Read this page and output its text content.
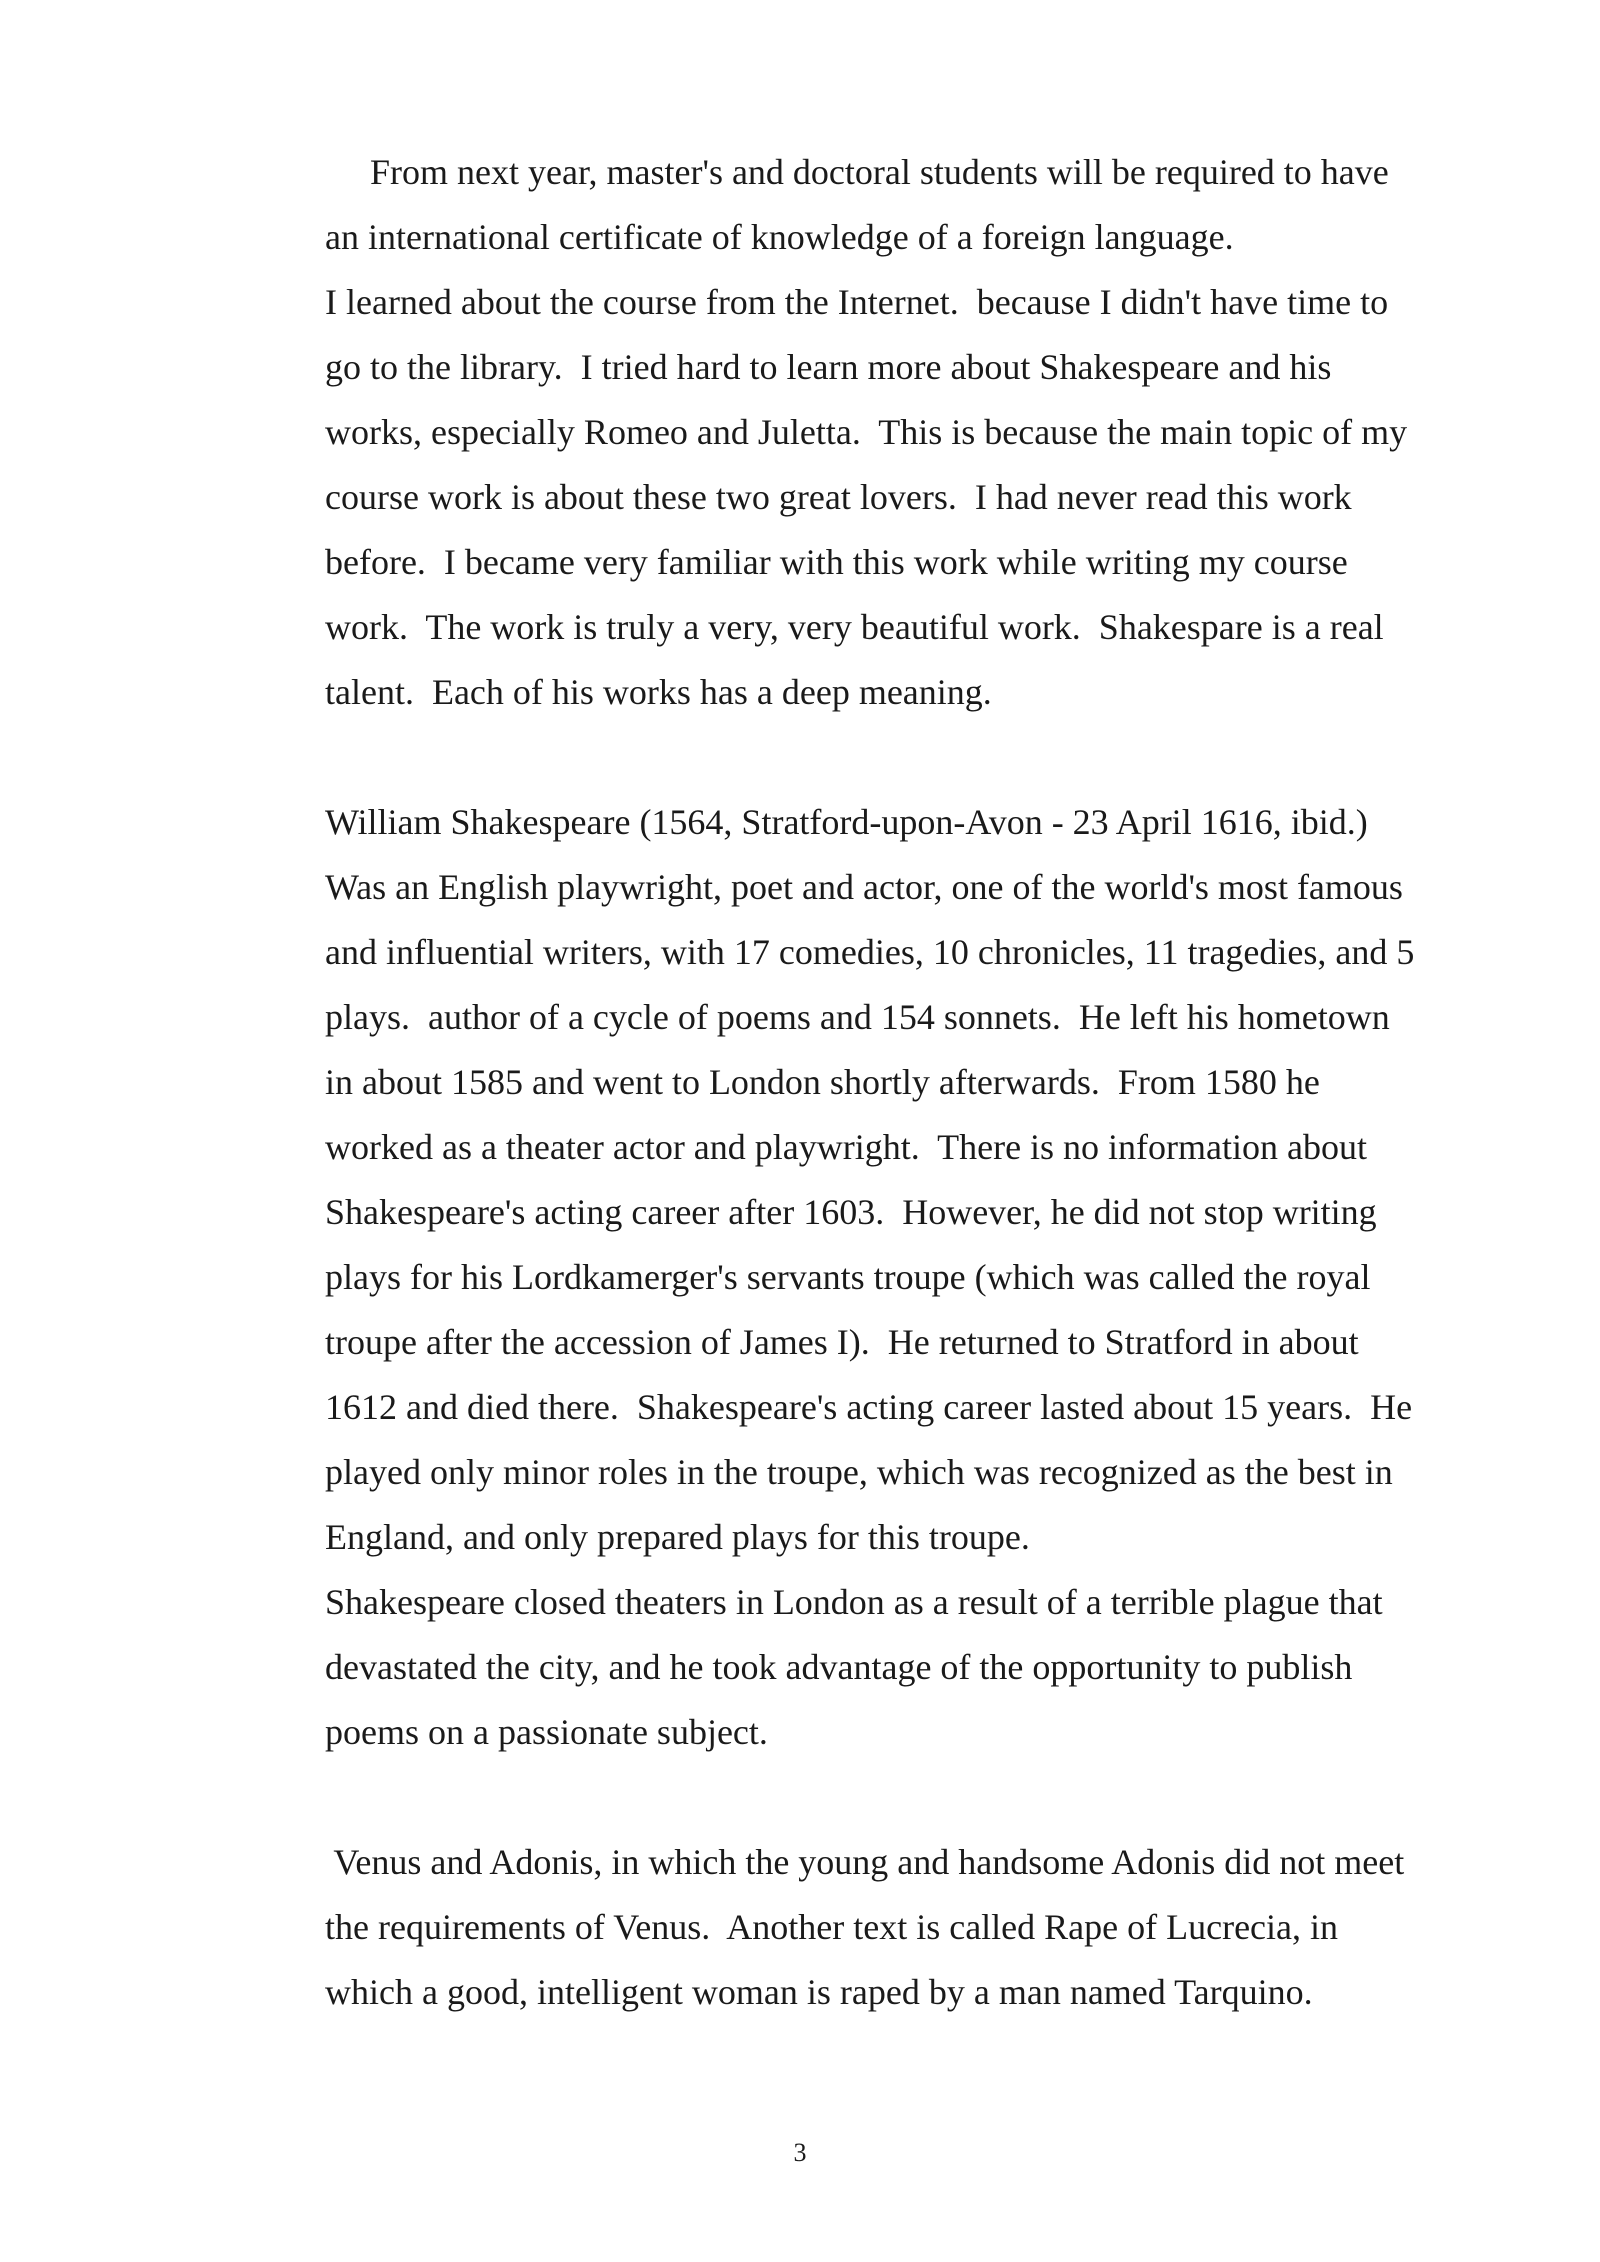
From next year, master's and doctoral students will be required to have

an international certificate of knowledge of a foreign language.

I learned about the course from the Internet.  because I didn't have time to

go to the library.  I tried hard to learn more about Shakespeare and his

works, especially Romeo and Juletta.  This is because the main topic of my

course work is about these two great lovers.  I had never read this work

before.  I became very familiar with this work while writing my course

work.  The work is truly a very, very beautiful work.  Shakespare is a real

talent.  Each of his works has a deep meaning.

William Shakespeare (1564, Stratford-upon-Avon - 23 April 1616, ibid.)

Was an English playwright, poet and actor, one of the world's most famous

and influential writers, with 17 comedies, 10 chronicles, 11 tragedies, and 5

plays.  author of a cycle of poems and 154 sonnets.  He left his hometown

in about 1585 and went to London shortly afterwards.  From 1580 he

worked as a theater actor and playwright.  There is no information about

Shakespeare's acting career after 1603.  However, he did not stop writing

plays for his Lordkamerger's servants troupe (which was called the royal

troupe after the accession of James I).  He returned to Stratford in about

1612 and died there.  Shakespeare's acting career lasted about 15 years.  He

played only minor roles in the troupe, which was recognized as the best in

England, and only prepared plays for this troupe.

Shakespeare closed theaters in London as a result of a terrible plague that

devastated the city, and he took advantage of the opportunity to publish

poems on a passionate subject.

Venus and Adonis, in which the young and handsome Adonis did not meet

the requirements of Venus.  Another text is called Rape of Lucrecia, in

which a good, intelligent woman is raped by a man named Tarquino.

3
